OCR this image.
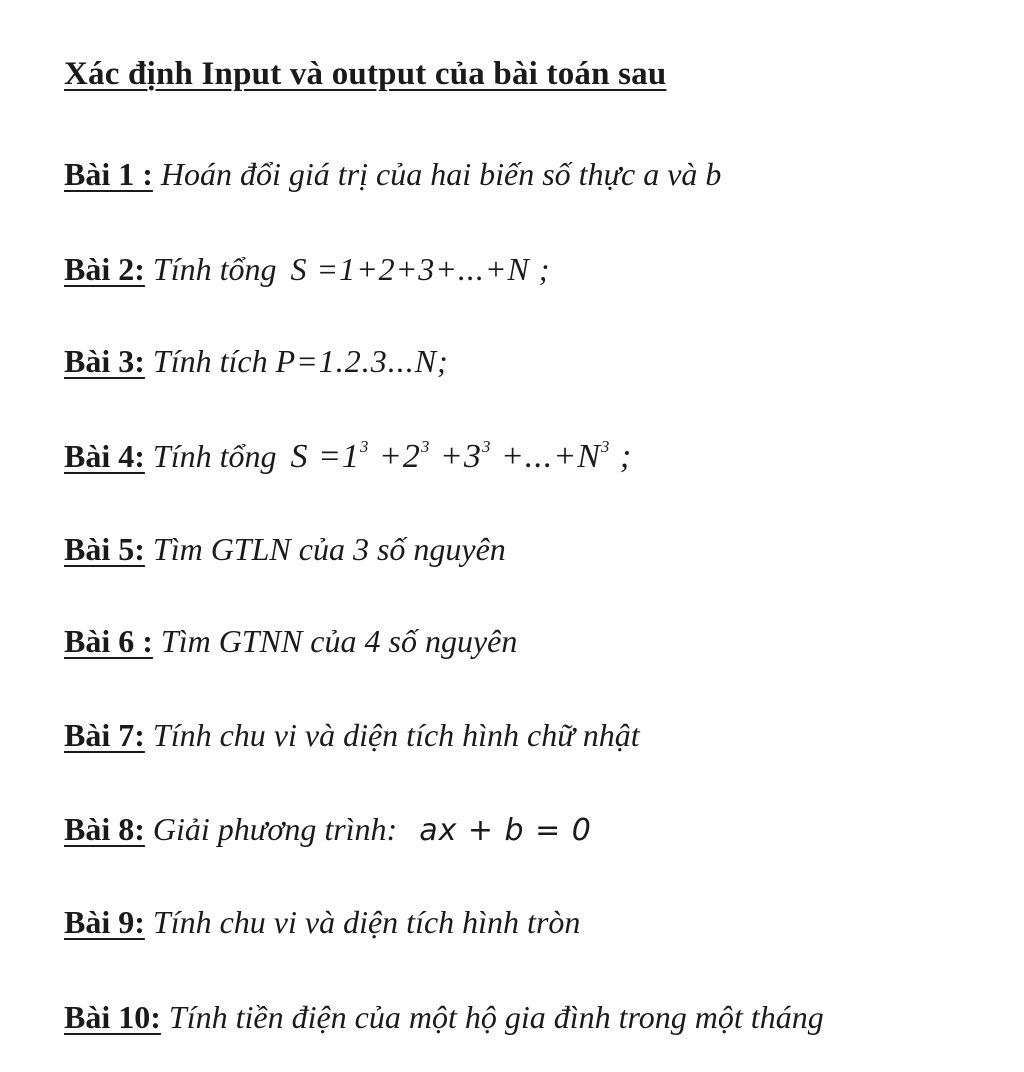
Xác định Input và output của bài toán sau
Bài 1 : Hoán đổi giá trị của hai biến số thực a và b
Bài 2: Tính tổng S =1+2+3+...+N ;
Bài 3: Tính tích P=1.2.3...N;
Bài 4: Tính tổng $S =1^3 +2^3 +3^3 +...+N^3$ ;
Bài 5: Tìm GTLN của 3 số nguyên
Bài 6 : Tìm GTNN của 4 số nguyên
Bài 7: Tính chu vi và diện tích hình chữ nhật
Bài 8: Giải phương trình: ax + b = 0
Bài 9: Tính chu vi và diện tích hình tròn
Bài 10: Tính tiền điện của một hộ gia đình trong một tháng
